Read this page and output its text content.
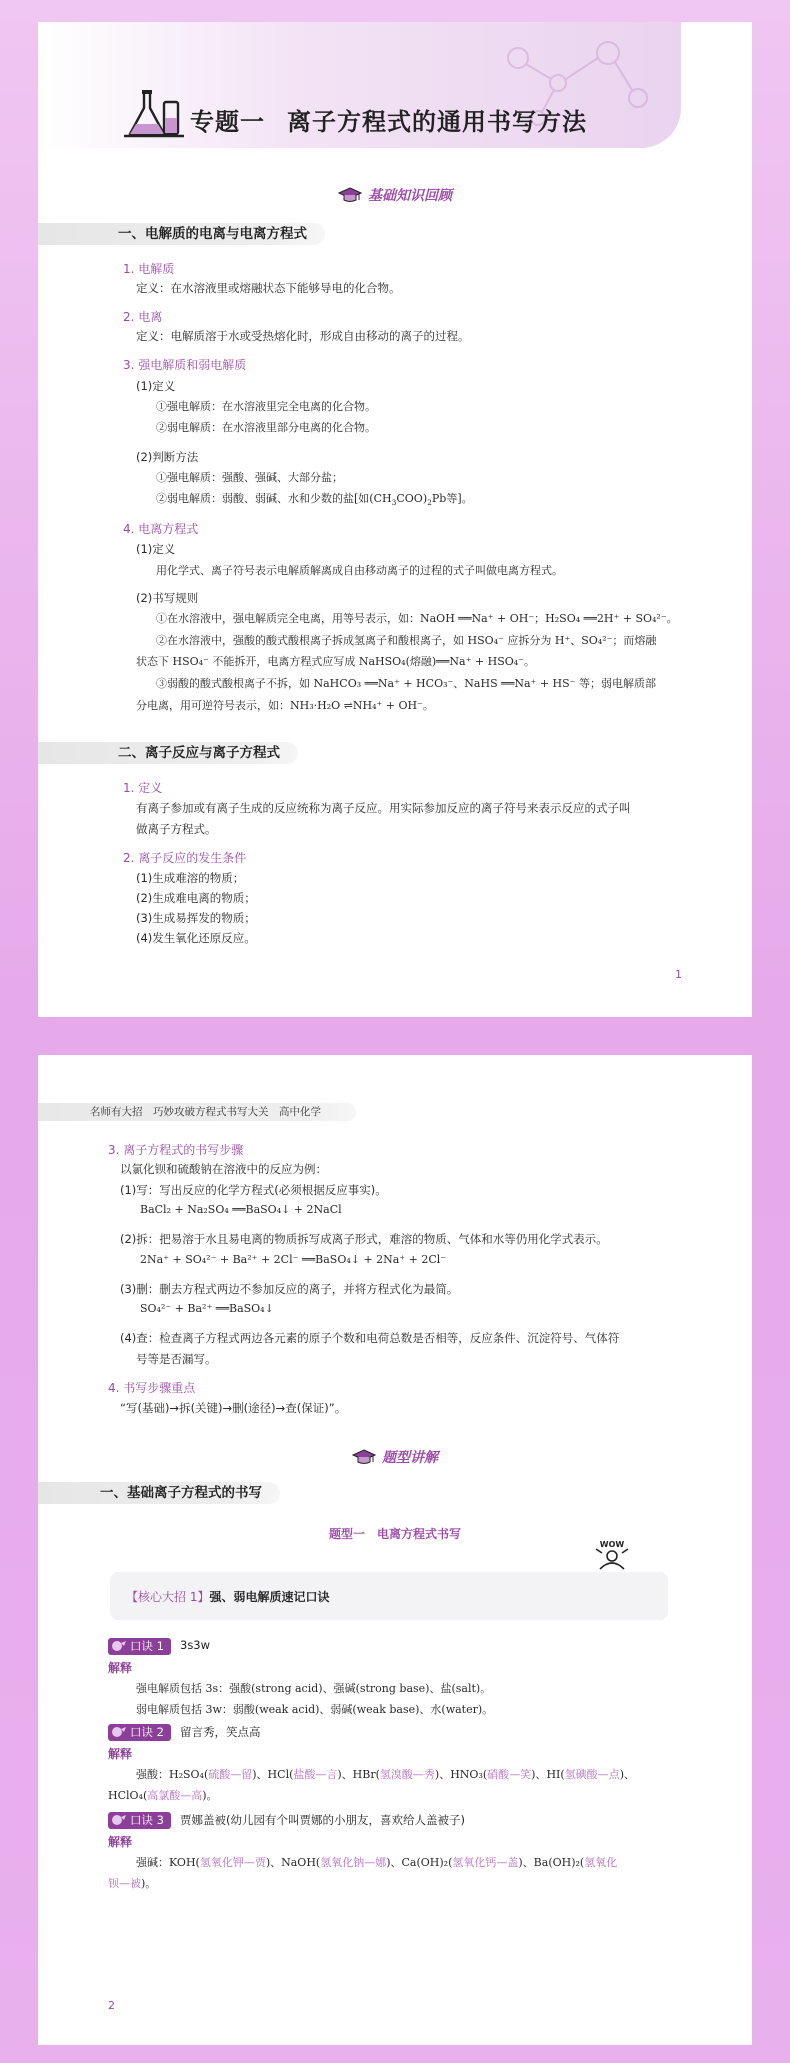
专题一 离子方程式的通用书写方法
基础知识回顾
一、电解质的电离与电离方程式
1. 电解质
定义：在水溶液里或熔融状态下能够导电的化合物。
2. 电离
定义：电解质溶于水或受热熔化时，形成自由移动的离子的过程。
3. 强电解质和弱电解质
(1)定义
①强电解质：在水溶液里完全电离的化合物。
②弱电解质：在水溶液里部分电离的化合物。
(2)判断方法
①强电解质：强酸、强碱、大部分盐；
②弱电解质：弱酸、弱碱、水和少数的盐[如$(CH_3COO)_2Pb$等]。
4. 电离方程式
(1)定义
用化学式、离子符号表示电解质解离成自由移动离子的过程的式子叫做电离方程式。
(2)书写规则
①在水溶液中，强电解质完全电离，用等号表示，如：NaOH ══Na⁺ + OH⁻；H₂SO₄ ══2H⁺ + SO₄²⁻。
②在水溶液中，强酸的酸式酸根离子拆成氢离子和酸根离子，如 HSO₄⁻ 应拆分为 H⁺、SO₄²⁻；而熔融
状态下 HSO₄⁻ 不能拆开，电离方程式应写成 NaHSO₄(熔融)══Na⁺ + HSO₄⁻。
③弱酸的酸式酸根离子不拆，如 NaHCO₃ ══Na⁺ + HCO₃⁻、NaHS ══Na⁺ + HS⁻ 等；弱电解质部
分电离，用可逆符号表示，如：NH₃·H₂O ⇌NH₄⁺ + OH⁻。
二、离子反应与离子方程式
1. 定义
有离子参加或有离子生成的反应统称为离子反应。用实际参加反应的离子符号来表示反应的式子叫
做离子方程式。
2. 离子反应的发生条件
(1)生成难溶的物质；
(2)生成难电离的物质；
(3)生成易挥发的物质；
(4)发生氧化还原反应。
1
名师有大招　巧妙攻破方程式书写大关　高中化学
3. 离子方程式的书写步骤
以氯化钡和硫酸钠在溶液中的反应为例：
(1)写：写出反应的化学方程式(必须根据反应事实)。
BaCl₂ + Na₂SO₄ ══BaSO₄↓ + 2NaCl
(2)拆：把易溶于水且易电离的物质拆写成离子形式，难溶的物质、气体和水等仍用化学式表示。
2Na⁺ + SO₄²⁻ + Ba²⁺ + 2Cl⁻ ══BaSO₄↓ + 2Na⁺ + 2Cl⁻
(3)删：删去方程式两边不参加反应的离子，并将方程式化为最简。
SO₄²⁻ + Ba²⁺ ══BaSO₄↓
(4)查：检查离子方程式两边各元素的原子个数和电荷总数是否相等，反应条件、沉淀符号、气体符
号等是否漏写。
4. 书写步骤重点
“写(基础)→拆(关键)→删(途径)→查(保证)”。
题型讲解
一、基础离子方程式的书写
题型一　电离方程式书写
WOW
【核心大招 1】强、弱电解质速记口诀
口诀 1	3s3w
解释
强电解质包括 3s：强酸(strong acid)、强碱(strong base)、盐(salt)。
弱电解质包括 3w：弱酸(weak acid)、弱碱(weak base)、水(water)。
口诀 2	留言秀，笑点高
解释
强酸：H₂SO₄(硫酸—留)、HCl(盐酸—言)、HBr(氢溴酸—秀)、HNO₃(硝酸—笑)、HI(氢碘酸—点)、
HClO₄(高氯酸—高)。
口诀 3	贾娜盖被(幼儿园有个叫贾娜的小朋友，喜欢给人盖被子)
解释
强碱：KOH(氢氧化钾—贾)、NaOH(氢氧化钠—娜)、Ca(OH)₂(氢氧化钙—盖)、Ba(OH)₂(氢氧化
钡—被)。
2
